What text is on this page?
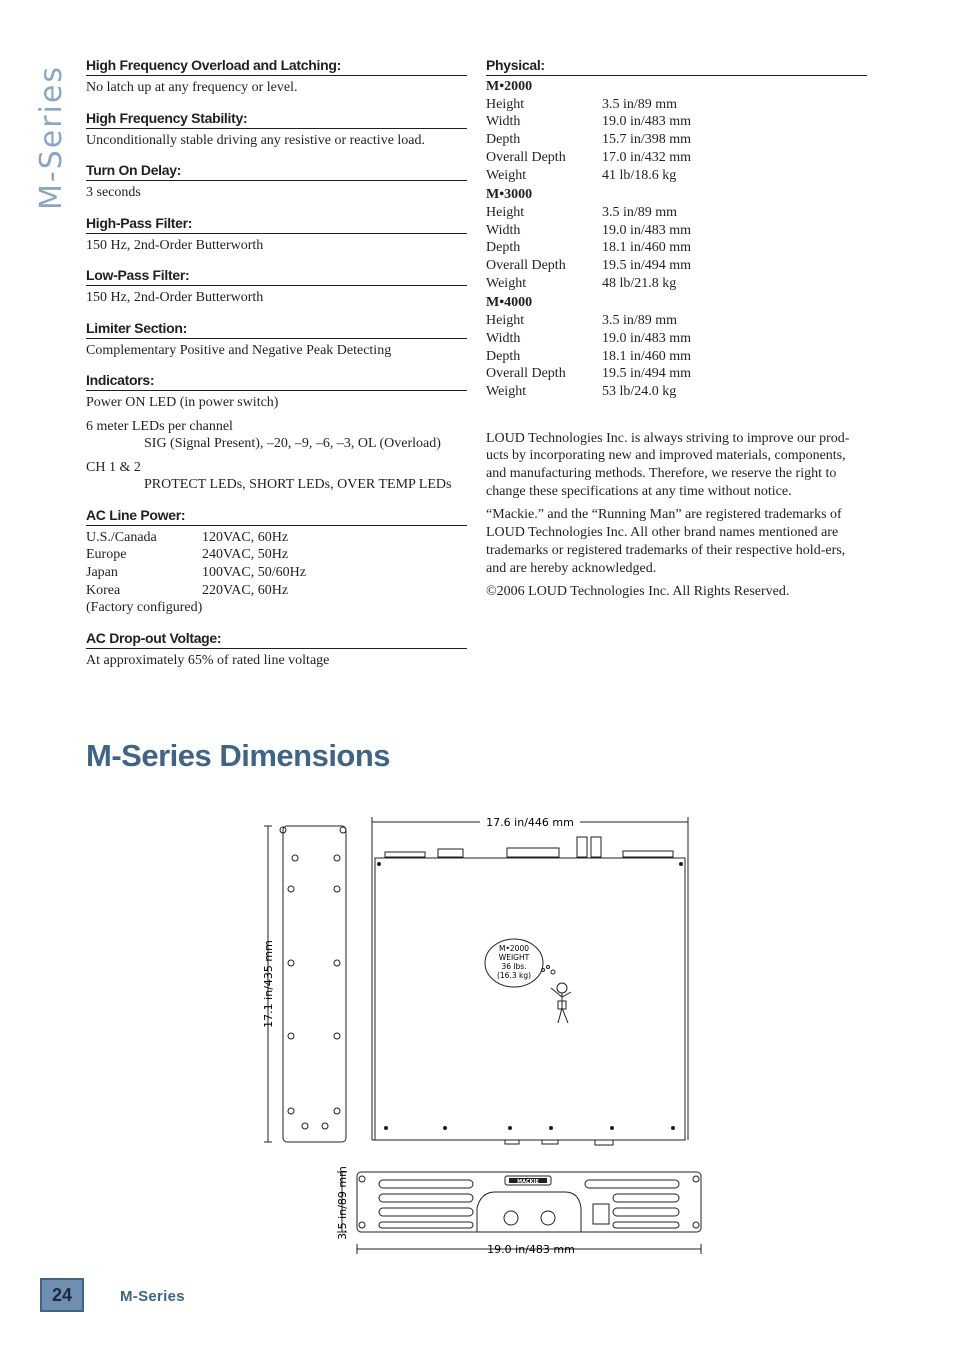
M-Series
High Frequency Overload and Latching:
No latch up at any frequency or level.
High Frequency Stability:
Unconditionally stable driving any resistive or reactive load.
Turn On Delay:
3 seconds
High-Pass Filter:
150 Hz, 2nd-Order Butterworth
Low-Pass Filter:
150 Hz, 2nd-Order Butterworth
Limiter Section:
Complementary Positive and Negative Peak Detecting
Indicators:
Power ON LED (in power switch)
6 meter LEDs per channel
SIG (Signal Present), –20, –9, –6, –3, OL (Overload)
CH 1 & 2
PROTECT LEDs, SHORT LEDs, OVER TEMP LEDs
AC Line Power:
U.S./Canada	120VAC, 60Hz
Europe	240VAC, 50Hz
Japan	100VAC, 50/60Hz
Korea	220VAC, 60Hz
(Factory configured)
AC Drop-out Voltage:
At approximately 65% of rated line voltage
Physical:
M•2000
Height	3.5 in/89 mm
Width	19.0 in/483 mm
Depth	15.7 in/398 mm
Overall Depth	17.0 in/432 mm
Weight	41 lb/18.6 kg
M•3000
Height	3.5 in/89 mm
Width	19.0 in/483 mm
Depth	18.1 in/460 mm
Overall Depth	19.5 in/494 mm
Weight	48 lb/21.8 kg
M•4000
Height	3.5 in/89 mm
Width	19.0 in/483 mm
Depth	18.1 in/460 mm
Overall Depth	19.5 in/494 mm
Weight	53 lb/24.0 kg
LOUD Technologies Inc. is always striving to improve our prod-ucts by incorporating new and improved materials, components, and manufacturing methods. Therefore, we reserve the right to change these specifications at any time without notice.
“Mackie.” and the “Running Man” are registered trademarks of LOUD Technologies Inc. All other brand names mentioned are trademarks or registered trademarks of their respective hold-ers, and are hereby acknowledged.
©2006 LOUD Technologies Inc. All Rights Reserved.
M-Series Dimensions
MACKIE
M•2000
WEIGHT
36 lbs.
(16.3 kg)
17.6 in/446 mm
17.1 in/435 mm
3.5 in/89 mm
19.0 in/483 mm
24	M-Series
